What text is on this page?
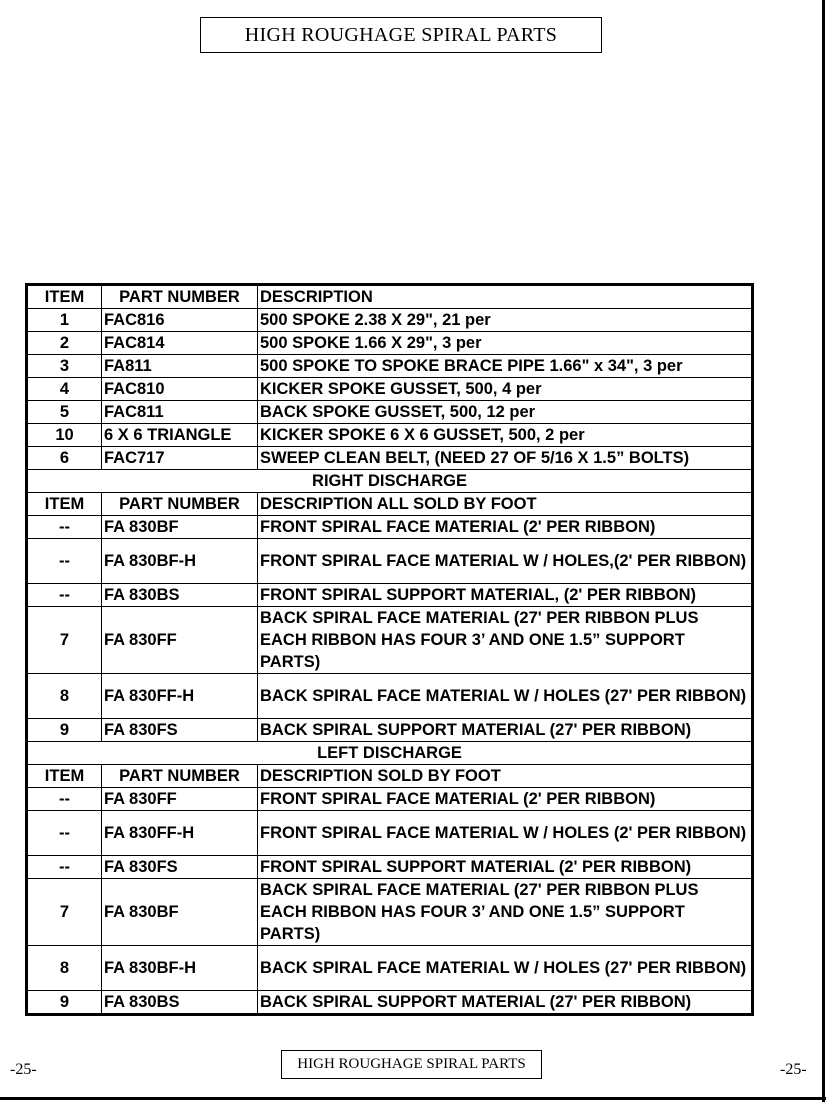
HIGH ROUGHAGE SPIRAL PARTS
ITEM	PART NUMBER	DESCRIPTION
1	FAC816	500 SPOKE 2.38 X 29", 21 per
2	FAC814	500 SPOKE 1.66 X 29", 3 per
3	FA811	500 SPOKE TO SPOKE BRACE PIPE 1.66" x 34", 3 per
4	FAC810	KICKER SPOKE GUSSET, 500, 4 per
5	FAC811	BACK SPOKE GUSSET, 500, 12 per
10	6 X 6 TRIANGLE	KICKER SPOKE 6 X 6 GUSSET, 500, 2 per
6	FAC717	SWEEP CLEAN BELT, (NEED 27 OF 5/16 X 1.5” BOLTS)
RIGHT DISCHARGE		
ITEM	PART NUMBER	DESCRIPTION ALL SOLD BY FOOT
--	FA 830BF	FRONT SPIRAL FACE MATERIAL (2' PER RIBBON)
--	FA 830BF-H	FRONT SPIRAL FACE MATERIAL W / HOLES,(2' PER RIBBON)
--	FA 830BS	FRONT SPIRAL SUPPORT MATERIAL, (2' PER RIBBON)
7	FA 830FF	BACK SPIRAL FACE MATERIAL (27' PER RIBBON PLUS EACH RIBBON HAS FOUR 3’ AND ONE 1.5” SUPPORT PARTS)
8	FA 830FF-H	BACK SPIRAL FACE MATERIAL W / HOLES (27' PER RIBBON)
9	FA 830FS	BACK SPIRAL SUPPORT MATERIAL (27' PER RIBBON)
LEFT DISCHARGE		
ITEM	PART NUMBER	DESCRIPTION SOLD BY FOOT
--	FA 830FF	FRONT SPIRAL FACE MATERIAL (2' PER RIBBON)
--	FA 830FF-H	FRONT SPIRAL FACE MATERIAL W / HOLES (2' PER RIBBON)
--	FA 830FS	FRONT SPIRAL SUPPORT MATERIAL (2' PER RIBBON)
7	FA 830BF	BACK SPIRAL FACE MATERIAL (27' PER RIBBON PLUS EACH RIBBON HAS FOUR 3’ AND ONE 1.5” SUPPORT PARTS)
8	FA 830BF-H	BACK SPIRAL FACE MATERIAL W / HOLES (27' PER RIBBON)
9	FA 830BS	BACK SPIRAL SUPPORT MATERIAL (27' PER RIBBON)
-25-	HIGH ROUGHAGE SPIRAL PARTS	-25-
